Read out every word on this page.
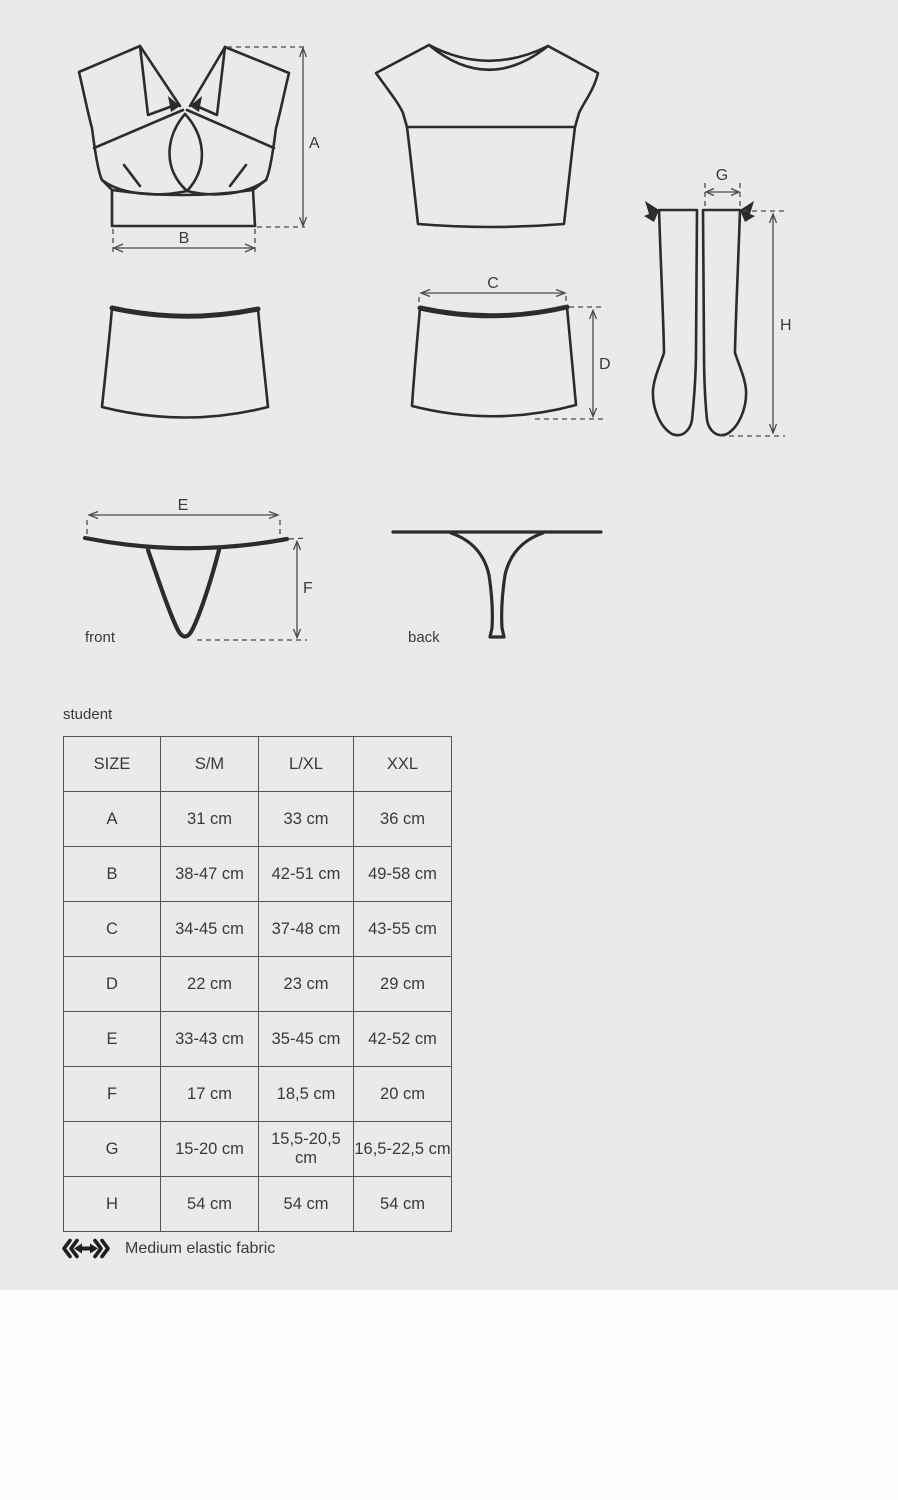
A
B
G
H
C
D
E
F
front	back
student
SIZE	S/M	L/XL	XXL
A	31 cm	33 cm	36 cm
B	38-47 cm	42-51 cm	49-58 cm
C	34-45 cm	37-48 cm	43-55 cm
D	22 cm	23 cm	29 cm
E	33-43 cm	35-45 cm	42-52 cm
F	17 cm	18,5 cm	20 cm
G	15-20 cm	15,5-20,5 cm	16,5-22,5 cm
H	54 cm	54 cm	54 cm
Medium elastic fabric
